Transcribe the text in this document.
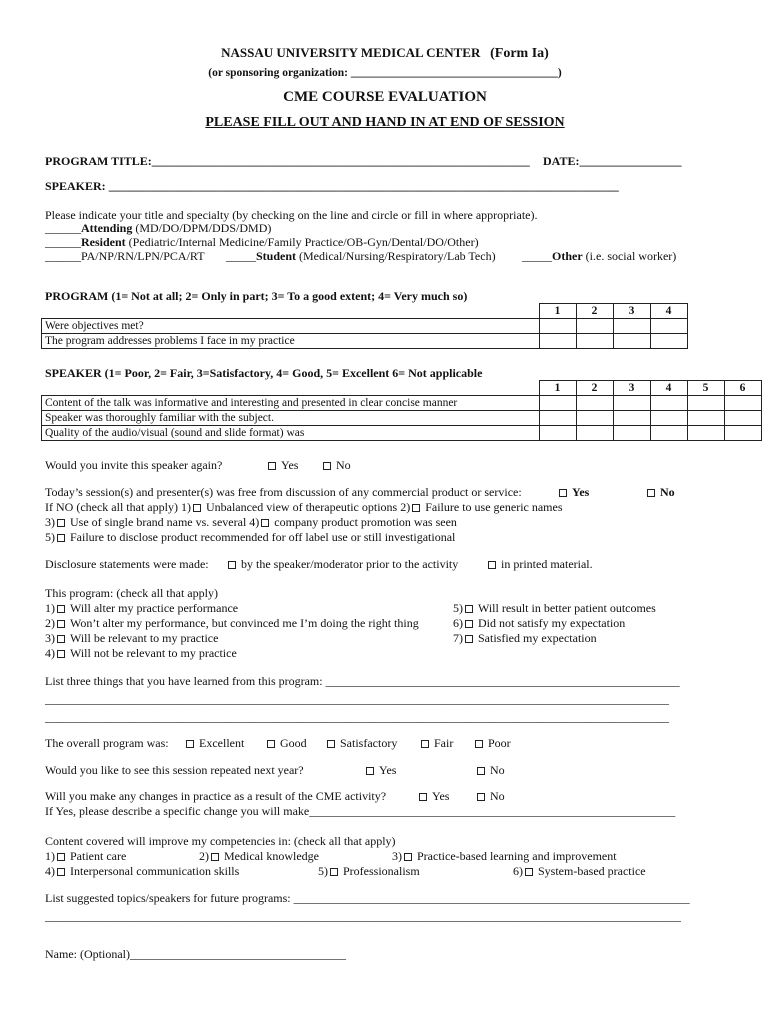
NASSAU UNIVERSITY MEDICAL CENTER (Form Ia)
(or sponsoring organization: ____________________________________)
CME COURSE EVALUATION
PLEASE FILL OUT AND HAND IN AT END OF SESSION
PROGRAM TITLE:_______________________________________________________________ DATE:_________________
SPEAKER: _____________________________________________________________________________________
Please indicate your title and specialty (by checking on the line and circle or fill in where appropriate).
______Attending (MD/DO/DPM/DDS/DMD)
______Resident (Pediatric/Internal Medicine/Family Practice/OB-Gyn/Dental/DO/Other)
______PA/NP/RN/LPN/PCA/RT _____Student (Medical/Nursing/Respiratory/Lab Tech) _____Other (i.e. social worker)
PROGRAM (1= Not at all; 2= Only in part; 3= To a good extent; 4= Very much so)
	1	2	3	4
Were objectives met?				
The program addresses problems I face in my practice				
SPEAKER (1= Poor, 2= Fair, 3=Satisfactory, 4= Good, 5= Excellent 6= Not applicable
	1	2	3	4	5	6
Content of the talk was informative and interesting and presented in clear concise manner						
Speaker was thoroughly familiar with the subject.						
Quality of the audio/visual (sound and slide format) was						
Would you invite this speaker again?	Yes	No
Today’s session(s) and presenter(s) was free from discussion of any commercial product or service:	Yes	No
If NO (check all that apply) 1) Unbalanced view of therapeutic options 2) Failure to use generic names
3) Use of single brand name vs. several 4) company product promotion was seen
5) Failure to disclose product recommended for off label use or still investigational
Disclosure statements were made:	by the speaker/moderator prior to the activity	in printed material.
This program: (check all that apply)
1) Will alter my practice performance
2) Won’t alter my performance, but convinced me I’m doing the right thing
3) Will be relevant to my practice
4) Will not be relevant to my practice
5) Will result in better patient outcomes
6) Did not satisfy my expectation
7) Satisfied my expectation
List three things that you have learned from this program: ___________________________________________________________
________________________________________________________________________________________________________
________________________________________________________________________________________________________
The overall program was:	Excellent	Good	Satisfactory	Fair	Poor
Would you like to see this session repeated next year?	Yes	No
Will you make any changes in practice as a result of the CME activity?	Yes	No
If Yes, please describe a specific change you will make_____________________________________________________________
Content covered will improve my competencies in: (check all that apply)
1) Patient care	2) Medical knowledge	3) Practice-based learning and improvement
4) Interpersonal communication skills	5) Professionalism	6) System-based practice
List suggested topics/speakers for future programs: __________________________________________________________________
__________________________________________________________________________________________________________
Name: (Optional)____________________________________
